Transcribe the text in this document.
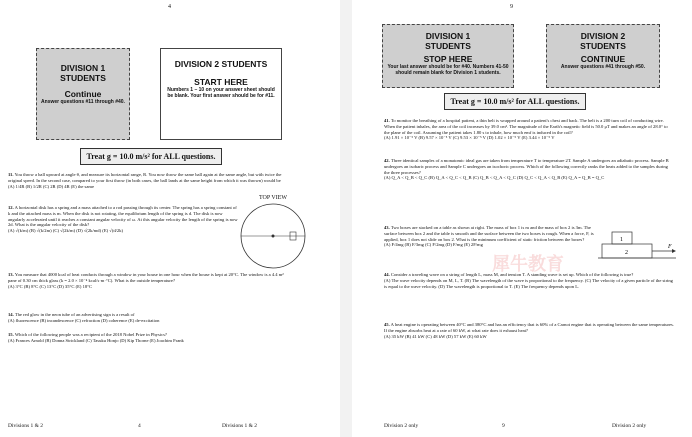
4
DIVISION 1
STUDENTS
Continue
Answer questions #11 through #40.
DIVISION 2 STUDENTS
START HERE
Numbers 1 – 10 on your answer sheet should be blank. Your first answer should be for #11.
Treat g = 10.0 m/s² for ALL questions.
11. You throw a ball upward at angle θ, and measure its horizontal range, R. You now throw the same ball again at the same angle, but with twice the original speed. In the second case, compared to your first throw (in both cases, the ball lands at the same height from which it was thrown) would be
(A) 1/4R (B) 1/2R (C) 2R (D) 4R (E) the same
12. A horizontal disk has a spring and a mass attached to a rod passing through its center. The spring has a spring constant of k and the attached mass is m. When the disk is not rotating, the equilibrium length of the spring is d. The disk is now angularly accelerated until it reaches a constant angular velocity of ω. At this angular velocity the length of the spring is now 2d. What is the angular velocity of the disk?
(A) √(k/m) (B) √(k/2m) (C) √(2k/m) (D) √(2k/md) (E) √(d/2k)
TOP VIEW
13. You measure that 4000 kcal of heat conducts through a window in your house in one hour when the house is kept at 20°C. The window is a 4.4 m² pane of 0.30 cm thick glass (k = 2.0 × 10⁻⁴ kcal/s·m·°C). What is the outside temperature?
(A) 3°C (B) 8°C (C) 13°C (D) 35°C (E) 18°C
14. The red glow in the neon tube of an advertising sign is a result of
(A) fluorescence (B) incandescence (C) refraction (D) coherence (E) de-excitation
15. Which of the following people was a recipient of the 2018 Nobel Prize in Physics?
(A) Frances Arnold (B) Donna Strickland (C) Tasuku Honjo (D) Kip Thorne (E) Joachim Frank
Divisions 1 & 2	4	Divisions 1 & 2
9
DIVISION 1
STUDENTS
STOP HERE
Your last answer should be for #40. Numbers 41-50 should remain blank for Division 1 students.
DIVISION 2
STUDENTS
CONTINUE
Answer questions #41 through #50.
Treat g = 10.0 m/s² for ALL questions.
41. To monitor the breathing of a hospital patient, a thin belt is wrapped around a patient's chest and back. The belt is a 200 turn coil of conducting wire. When the patient inhales, the area of the coil increases by 39.0 cm². The magnitude of the Earth's magnetic field is 50.0 μT and makes an angle of 28.0° to the plane of the coil. Assuming the patient takes 1.80 s to inhale, how much emf is induced in the coil?
(A) 1.91 × 10⁻⁵ V (B) 9.57 × 10⁻⁵ V (C) 9.53 × 10⁻⁵ V (D) 1.02 × 10⁻⁵ V (E) 3.44 × 10⁻⁵ V
42. Three identical samples of a monatomic ideal gas are taken from temperature T to temperature 2T. Sample A undergoes an adiabatic process. Sample B undergoes an isobaric process and Sample C undergoes an isochoric process. Which of the following correctly ranks the heats added to the samples during the three processes?
(A) Q_A < Q_B < Q_C (B) Q_A < Q_C < Q_B (C) Q_B < Q_A < Q_C (D) Q_C < Q_A < Q_B (E) Q_A = Q_B = Q_C
43. Two boxes are stacked on a table as shown at right. The mass of box 1 is m and the mass of box 2 is 3m. The surface between box 2 and the table is smooth and the surface between the two boxes is rough. When a force, F, is applied, box 1 does not slide on box 2. What is the minimum coefficient of static friction between the boxes?
(A) F/4mg (B) F/3mg (C) F/2mg (D) F/mg (E) 2F/mg
1
2
F
44. Consider a traveling wave on a string of length L, mass M, and tension T. A standing wave is set up. Which of the following is true?
(A) The wave velocity depends on M, L, T. (B) The wavelength of the wave is proportional to the frequency. (C) The velocity of a given particle of the string is equal to the wave velocity. (D) The wavelength is proportional to T. (E) The frequency depends upon L.
45. A heat engine is operating between 40°C and 380°C and has an efficiency that is 60% of a Carnot engine that is operating between the same temperatures. If the engine absorbs heat at a rate of 60 kW, at what rate does it exhaust heat?
(A) 35 kW (B) 41 kW (C) 48 kW (D) 57 kW (E) 60 kW
犀牛教育
Division 2 only	9	Division 2 only
